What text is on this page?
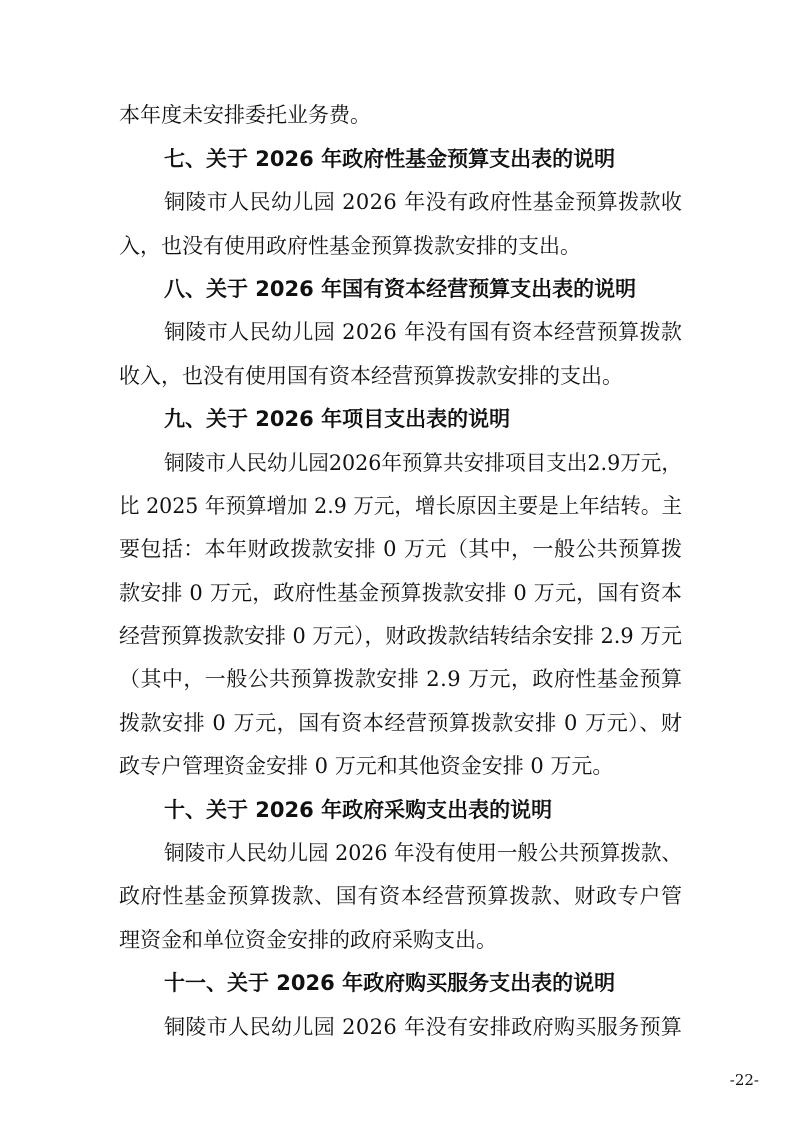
本年度未安排委托业务费。
七、关于 2026 年政府性基金预算支出表的说明
铜陵市人民幼儿园 2026 年没有政府性基金预算拨款收
入，也没有使用政府性基金预算拨款安排的支出。
八、关于 2026 年国有资本经营预算支出表的说明
铜陵市人民幼儿园 2026 年没有国有资本经营预算拨款
收入，也没有使用国有资本经营预算拨款安排的支出。
九、关于 2026 年项目支出表的说明
铜陵市人民幼儿园2026年预算共安排项目支出2.9万元，
比 2025 年预算增加 2.9 万元，增长原因主要是上年结转。主
要包括：本年财政拨款安排 0 万元（其中，一般公共预算拨
款安排 0 万元，政府性基金预算拨款安排 0 万元，国有资本
经营预算拨款安排 0 万元），财政拨款结转结余安排 2.9 万元
（其中，一般公共预算拨款安排 2.9 万元，政府性基金预算
拨款安排 0 万元，国有资本经营预算拨款安排 0 万元）、财
政专户管理资金安排 0 万元和其他资金安排 0 万元。
十、关于 2026 年政府采购支出表的说明
铜陵市人民幼儿园 2026 年没有使用一般公共预算拨款、
政府性基金预算拨款、国有资本经营预算拨款、财政专户管
理资金和单位资金安排的政府采购支出。
十一、关于 2026 年政府购买服务支出表的说明
铜陵市人民幼儿园 2026 年没有安排政府购买服务预算
-22-
